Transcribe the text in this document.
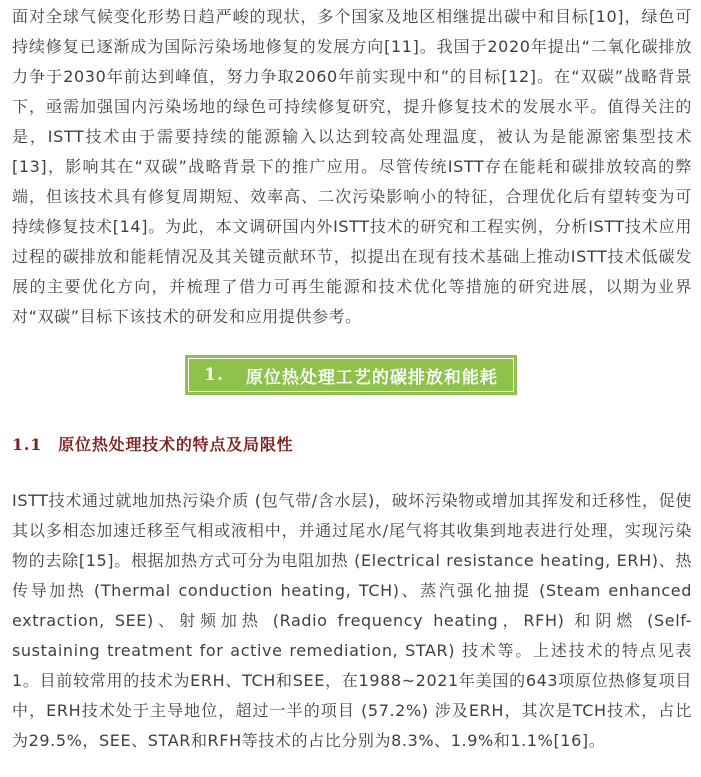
面对全球气候变化形势日趋严峻的现状，多个国家及地区相继提出碳中和目标[10]，绿色可持续修复已逐渐成为国际污染场地修复的发展方向[11]。我国于2020年提出“二氧化碳排放力争于2030年前达到峰值，努力争取2060年前实现中和”的目标[12]。在“双碳”战略背景下，亟需加强国内污染场地的绿色可持续修复研究，提升修复技术的发展水平。值得关注的是，ISTT技术由于需要持续的能源输入以达到较高处理温度，被认为是能源密集型技术[13]，影响其在“双碳”战略背景下的推广应用。尽管传统ISTT存在能耗和碳排放较高的弊端，但该技术具有修复周期短、效率高、二次污染影响小的特征，合理优化后有望转变为可持续修复技术[14]。为此，本文调研国内外ISTT技术的研究和工程实例，分析ISTT技术应用过程的碳排放和能耗情况及其关键贡献环节，拟提出在现有技术基础上推动ISTT技术低碳发展的主要优化方向，并梳理了借力可再生能源和技术优化等措施的研究进展，以期为业界对“双碳”目标下该技术的研发和应用提供参考。

1. 原位热处理工艺的碳排放和能耗
1.1 原位热处理技术的特点及局限性

ISTT技术通过就地加热污染介质 (包气带/含水层)，破坏污染物或增加其挥发和迁移性，促使其以多相态加速迁移至气相或液相中，并通过尾水/尾气将其收集到地表进行处理，实现污染物的去除[15]。根据加热方式可分为电阻加热 (Electrical resistance heating, ERH)、热传导加热 (Thermal conduction heating, TCH)、蒸汽强化抽提 (Steam enhanced extraction, SEE)、射频加热 (Radio frequency heating，RFH) 和阴燃 (Self-sustaining treatment for active remediation, STAR) 技术等。上述技术的特点见表1。目前较常用的技术为ERH、TCH和SEE，在1988~2021年美国的643项原位热修复项目中，ERH技术处于主导地位，超过一半的项目 (57.2%) 涉及ERH，其次是TCH技术，占比为29.5%，SEE、STAR和RFH等技术的占比分别为8.3%、1.9%和1.1%[16]。
